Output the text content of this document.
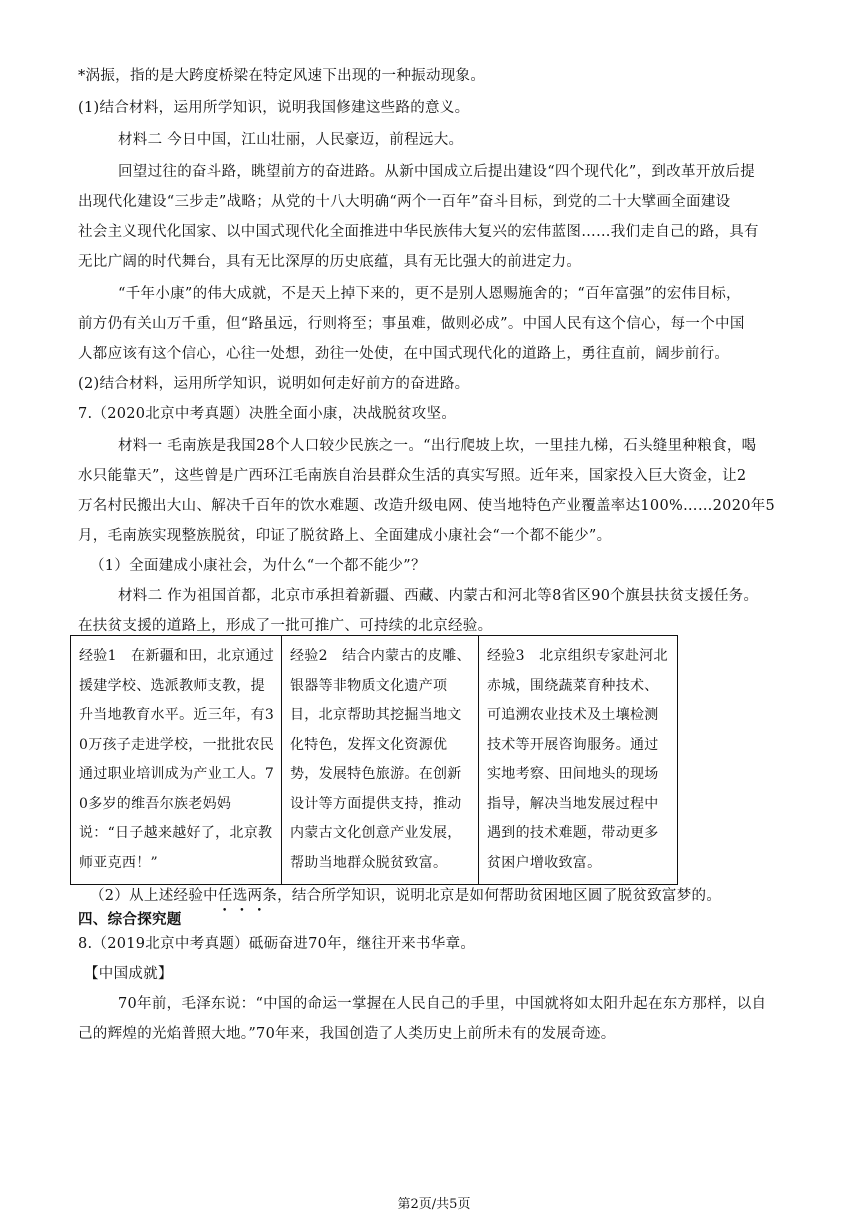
*涡振，指的是大跨度桥梁在特定风速下出现的一种振动现象。
(1)结合材料，运用所学知识，说明我国修建这些路的意义。
材料二 今日中国，江山壮丽，人民豪迈，前程远大。
回望过往的奋斗路，眺望前方的奋进路。从新中国成立后提出建设“四个现代化”，到改革开放后提
出现代化建设“三步走”战略；从党的十八大明确“两个一百年”奋斗目标，到党的二十大擘画全面建设
社会主义现代化国家、以中国式现代化全面推进中华民族伟大复兴的宏伟蓝图……我们走自己的路，具有
无比广阔的时代舞台，具有无比深厚的历史底蕴，具有无比强大的前进定力。
“千年小康”的伟大成就，不是天上掉下来的，更不是别人恩赐施舍的；“百年富强”的宏伟目标，
前方仍有关山万千重，但“路虽远，行则将至；事虽难，做则必成”。中国人民有这个信心，每一个中国
人都应该有这个信心，心往一处想，劲往一处使，在中国式现代化的道路上，勇往直前，阔步前行。
(2)结合材料，运用所学知识，说明如何走好前方的奋进路。
7.（2020北京中考真题）决胜全面小康，决战脱贫攻坚。
材料一 毛南族是我国28个人口较少民族之一。“出行爬坡上坎，一里挂九梯，石头缝里种粮食，喝
水只能靠天”，这些曾是广西环江毛南族自治县群众生活的真实写照。近年来，国家投入巨大资金，让2
万名村民搬出大山、解决千百年的饮水难题、改造升级电网、使当地特色产业覆盖率达100%……2020年5
月，毛南族实现整族脱贫，印证了脱贫路上、全面建成小康社会“一个都不能少”。
（1）全面建成小康社会，为什么“一个都不能少”？
材料二 作为祖国首都，北京市承担着新疆、西藏、内蒙古和河北等8省区90个旗县扶贫支援任务。
在扶贫支援的道路上，形成了一批可推广、可持续的北京经验。
经验1　在新疆和田，北京通过援建学校、选派教师支教，提升当地教育水平。近三年，有30万孩子走进学校，一批批农民通过职业培训成为产业工人。70多岁的维吾尔族老妈妈说：“日子越来越好了，北京教师亚克西！”	经验2　结合内蒙古的皮雕、银器等非物质文化遗产项目，北京帮助其挖掘当地文化特色，发挥文化资源优势，发展特色旅游。在创新设计等方面提供支持，推动内蒙古文化创意产业发展，帮助当地群众脱贫致富。	经验3　北京组织专家赴河北赤城，围绕蔬菜育种技术、可追溯农业技术及土壤检测技术等开展咨询服务。通过实地考察、田间地头的现场指导，解决当地发展过程中遇到的技术难题，带动更多贫困户增收致富。
（2）从上述经验中任选两条，结合所学知识，说明北京是如何帮助贫困地区圆了脱贫致富梦的。
•••
四、综合探究题
8.（2019北京中考真题）砥砺奋进70年，继往开来书华章。
【中国成就】
70年前，毛泽东说：“中国的命运一掌握在人民自己的手里，中国就将如太阳升起在东方那样，以自
己的辉煌的光焰普照大地。”70年来，我国创造了人类历史上前所未有的发展奇迹。
第2页/共5页
